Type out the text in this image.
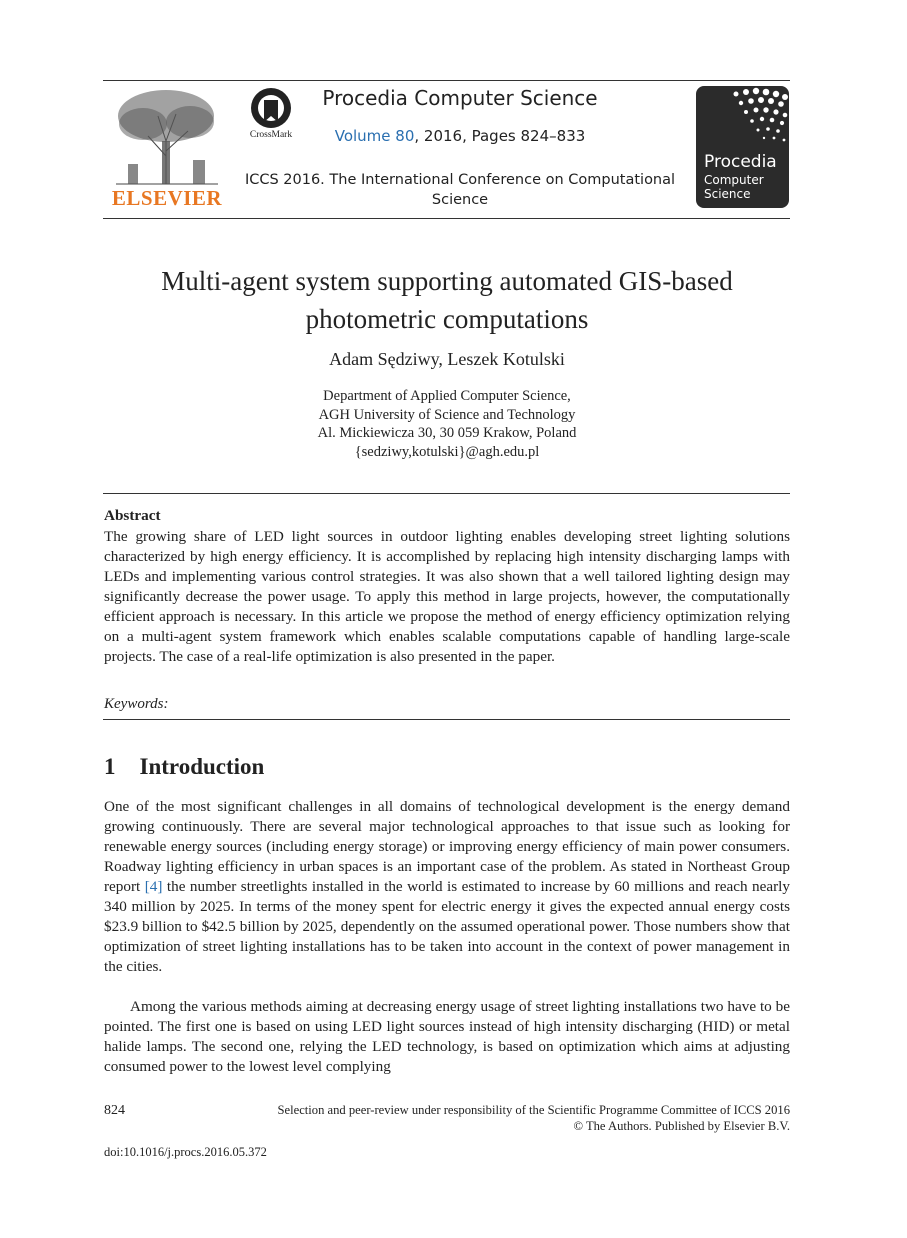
ELSEVIER
CrossMark
Procedia Computer Science
Volume 80, 2016, Pages 824–833
ICCS 2016. The International Conference on Computational
Science
Procedia
Computer
Science
Multi-agent system supporting automated GIS-based
photometric computations
Adam Sędziwy, Leszek Kotulski
Department of Applied Computer Science,
AGH University of Science and Technology
Al. Mickiewicza 30, 30 059 Krakow, Poland
{sedziwy,kotulski}@agh.edu.pl
Abstract
The growing share of LED light sources in outdoor lighting enables developing street lighting solutions characterized by high energy efficiency. It is accomplished by replacing high intensity discharging lamps with LEDs and implementing various control strategies. It was also shown that a well tailored lighting design may significantly decrease the power usage. To apply this method in large projects, however, the computationally efficient approach is necessary. In this article we propose the method of energy efficiency optimization relying on a multi-agent system framework which enables scalable computations capable of handling large-scale projects. The case of a real-life optimization is also presented in the paper.
Keywords:
1 Introduction
One of the most significant challenges in all domains of technological development is the energy demand growing continuously. There are several major technological approaches to that issue such as looking for renewable energy sources (including energy storage) or improving energy efficiency of main power consumers. Roadway lighting efficiency in urban spaces is an important case of the problem. As stated in Northeast Group report [4] the number streetlights installed in the world is estimated to increase by 60 millions and reach nearly 340 million by 2025. In terms of the money spent for electric energy it gives the expected annual energy costs $23.9 billion to $42.5 billion by 2025, dependently on the assumed operational power. Those numbers show that optimization of street lighting installations has to be taken into account in the context of power management in the cities.
Among the various methods aiming at decreasing energy usage of street lighting installations two have to be pointed. The first one is based on using LED light sources instead of high intensity discharging (HID) or metal halide lamps. The second one, relying the LED technology, is based on optimization which aims at adjusting consumed power to the lowest level complying
824	Selection and peer-review under responsibility of the Scientific Programme Committee of ICCS 2016
© The Authors. Published by Elsevier B.V.
doi:10.1016/j.procs.2016.05.372
